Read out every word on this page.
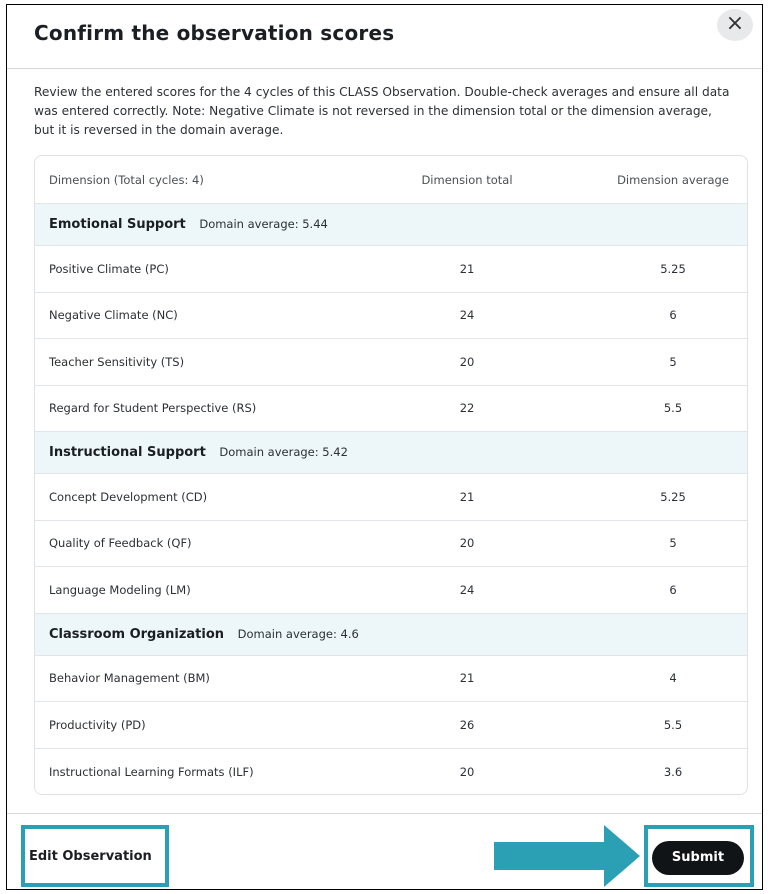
×
Confirm the observation scores

Review the entered scores for the 4 cycles of this CLASS Observation. Double-check averages and ensure all data was entered correctly. Note: Negative Climate is not reversed in the dimension total or the dimension average, but it is reversed in the domain average.

Dimension (Total cycles: 4)	Dimension total	Dimension average
Emotional Support Domain average: 5.44
Positive Climate (PC)	21	5.25
Negative Climate (NC)	24	6
Teacher Sensitivity (TS)	20	5
Regard for Student Perspective (RS)	22	5.5
Instructional Support Domain average: 5.42
Concept Development (CD)	21	5.25
Quality of Feedback (QF)	20	5
Language Modeling (LM)	24	6
Classroom Organization Domain average: 4.6
Behavior Management (BM)	21	4
Productivity (PD)	26	5.5
Instructional Learning Formats (ILF)	20	3.6
Edit Observation	Submit
